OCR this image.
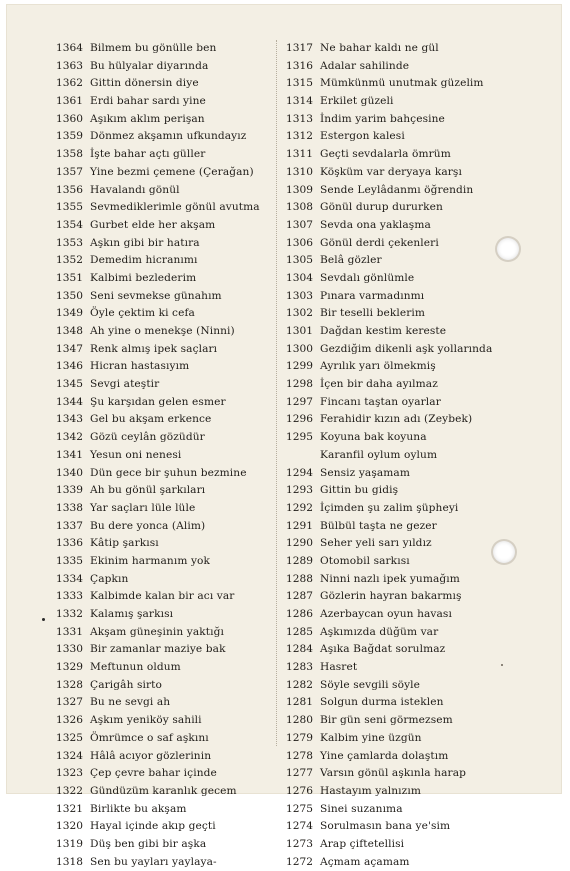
1364 Bilmem bu gönülle ben
1363 Bu hülyalar diyarında
1362 Gittin dönersin diye
1361 Erdi bahar sardı yine
1360 Aşıkım aklım perişan
1359 Dönmez akşamın ufkundayız
1358 İşte bahar açtı güller
1357 Yine bezmi çemene (Çerağan)
1356 Havalandı gönül
1355 Sevmediklerimle gönül avutma
1354 Gurbet elde her akşam
1353 Aşkın gibi bir hatıra
1352 Demedim hicranımı
1351 Kalbimi bezlederim
1350 Seni sevmekse günahım
1349 Öyle çektim ki cefa
1348 Ah yine o menekşe (Ninni)
1347 Renk almış ipek saçları
1346 Hicran hastasıyım
1345 Sevgi ateştir
1344 Şu karşıdan gelen esmer
1343 Gel bu akşam erkence
1342 Gözü ceylân gözüdür
1341 Yesun oni nenesi
1340 Dün gece bir şuhun bezmine
1339 Ah bu gönül şarkıları
1338 Yar saçları lüle lüle
1337 Bu dere yonca (Alim)
1336 Kâtip şarkısı
1335 Ekinim harmanım yok
1334 Çapkın
1333 Kalbimde kalan bir acı var
1332 Kalamış şarkısı
1331 Akşam güneşinin yaktığı
1330 Bir zamanlar maziye bak
1329 Meftunun oldum
1328 Çarigâh sirto
1327 Bu ne sevgi ah
1326 Aşkım yeniköy sahili
1325 Ömrümce o saf aşkını
1324 Hâlâ acıyor gözlerinin
1323 Çep çevre bahar içinde
1322 Gündüzüm karanlık gecem
1321 Birlikte bu akşam
1320 Hayal içinde akıp geçti
1319 Düş ben gibi bir aşka
1318 Sen bu yayları yaylaya-
1317 Ne bahar kaldı ne gül
1316 Adalar sahilinde
1315 Mümkünmü unutmak güzelim
1314 Erkilet güzeli
1313 İndim yarim bahçesine
1312 Estergon kalesi
1311 Geçti sevdalarla ömrüm
1310 Köşküm var deryaya karşı
1309 Sende Leylâdanmı öğrendin
1308 Gönül durup dururken
1307 Sevda ona yaklaşma
1306 Gönül derdi çekenleri
1305 Belâ gözler
1304 Sevdalı gönlümle
1303 Pınara varmadınmı
1302 Bir teselli beklerim
1301 Dağdan kestim kereste
1300 Gezdiğim dikenli aşk yollarında
1299 Ayrılık yarı ölmekmiş
1298 İçen bir daha ayılmaz
1297 Fincanı taştan oyarlar
1296 Ferahidir kızın adı (Zeybek)
1295 Koyuna bak koyuna
Karanfil oylum oylum
1294 Sensiz yaşamam
1293 Gittin bu gidiş
1292 İçimden şu zalim şüpheyi
1291 Bülbül taşta ne gezer
1290 Seher yeli sarı yıldız
1289 Otomobil sarkısı
1288 Ninni nazlı ipek yumağım
1287 Gözlerin hayran bakarmış
1286 Azerbaycan oyun havası
1285 Aşkımızda düğüm var
1284 Aşıka Bağdat sorulmaz
1283 Hasret
1282 Söyle sevgili söyle
1281 Solgun durma isteklen
1280 Bir gün seni görmezsem
1279 Kalbim yine üzgün
1278 Yine çamlarda dolaştım
1277 Varsın gönül aşkınla harap
1276 Hastayım yalnızım
1275 Sinei suzanıma
1274 Sorulmasın bana ye'sim
1273 Arap çiftetellisi
1272 Açmam açamam
